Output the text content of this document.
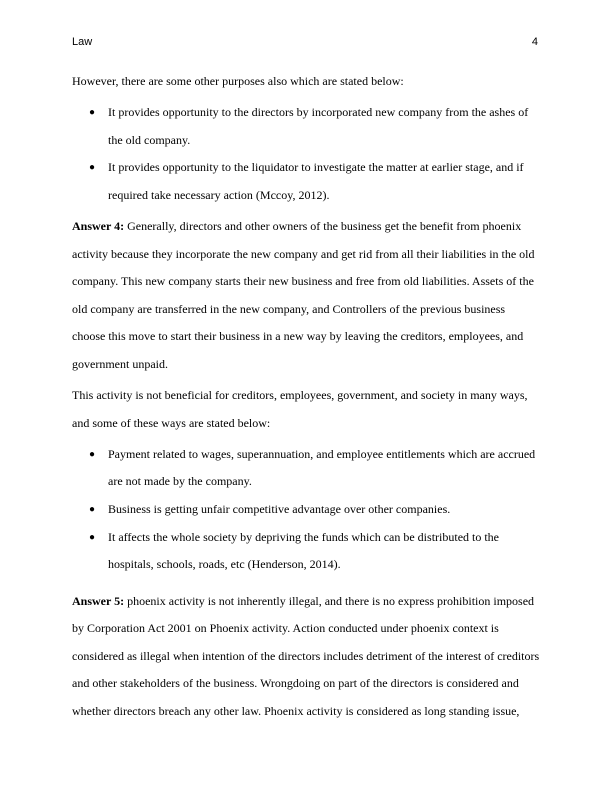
Law	4

However, there are some other purposes also which are stated below:

● It provides opportunity to the directors by incorporated new company from the ashes of the old company.
● It provides opportunity to the liquidator to investigate the matter at earlier stage, and if required take necessary action (Mccoy, 2012).

Answer 4: Generally, directors and other owners of the business get the benefit from phoenix activity because they incorporate the new company and get rid from all their liabilities in the old company. This new company starts their new business and free from old liabilities. Assets of the old company are transferred in the new company, and Controllers of the previous business choose this move to start their business in a new way by leaving the creditors, employees, and government unpaid.

This activity is not beneficial for creditors, employees, government, and society in many ways, and some of these ways are stated below:

● Payment related to wages, superannuation, and employee entitlements which are accrued are not made by the company.
● Business is getting unfair competitive advantage over other companies.
● It affects the whole society by depriving the funds which can be distributed to the hospitals, schools, roads, etc (Henderson, 2014).

Answer 5: phoenix activity is not inherently illegal, and there is no express prohibition imposed by Corporation Act 2001 on Phoenix activity. Action conducted under phoenix context is considered as illegal when intention of the directors includes detriment of the interest of creditors and other stakeholders of the business. Wrongdoing on part of the directors is considered and whether directors breach any other law. Phoenix activity is considered as long standing issue,
